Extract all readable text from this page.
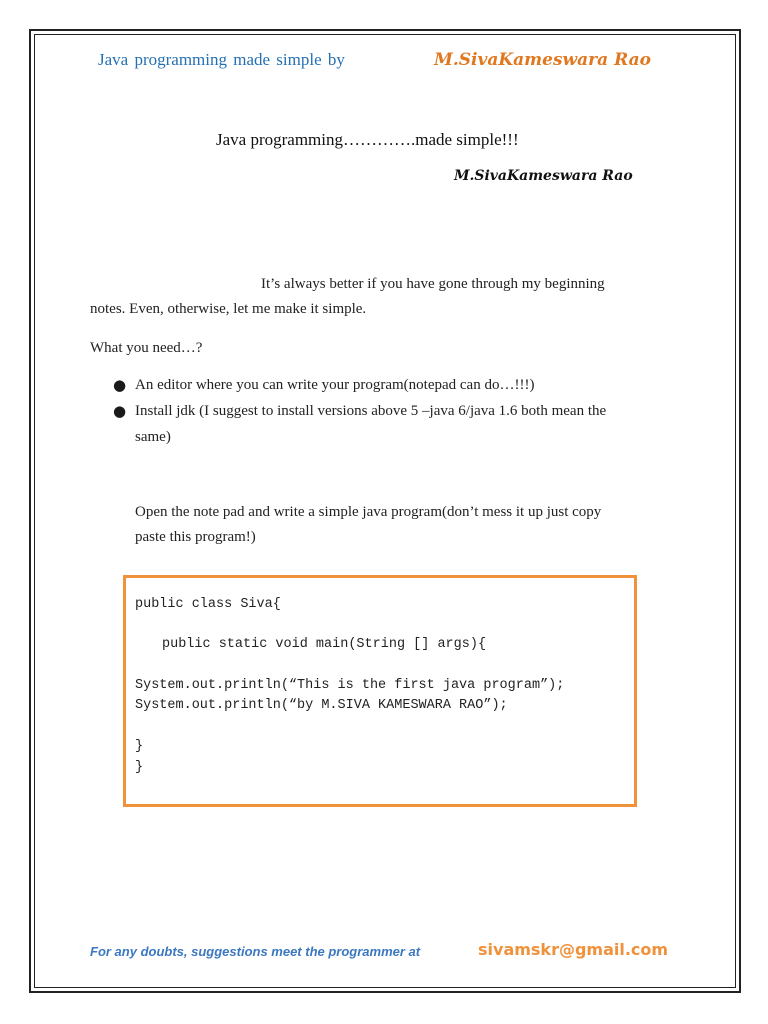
Java programming made simple by	M.SivaKameswara Rao
Java programming………….made simple!!!
M.SivaKameswara Rao
It’s always better if you have gone through my beginning
notes. Even, otherwise, let me make it simple.
What you need…?
● An editor where you can write your program(notepad can do…!!!)
● Install jdk (I suggest to install versions above 5 –java 6/java 1.6 both mean the
same)
Open the note pad and write a simple java program(don’t mess it up just copy
paste this program!)
public class Siva{
public static void main(String [] args){
System.out.println(“This is the first java program”);
System.out.println(“by M.SIVA KAMESWARA RAO”);
}
}
For any doubts, suggestions meet the programmer at	sivamskr@gmail.com
